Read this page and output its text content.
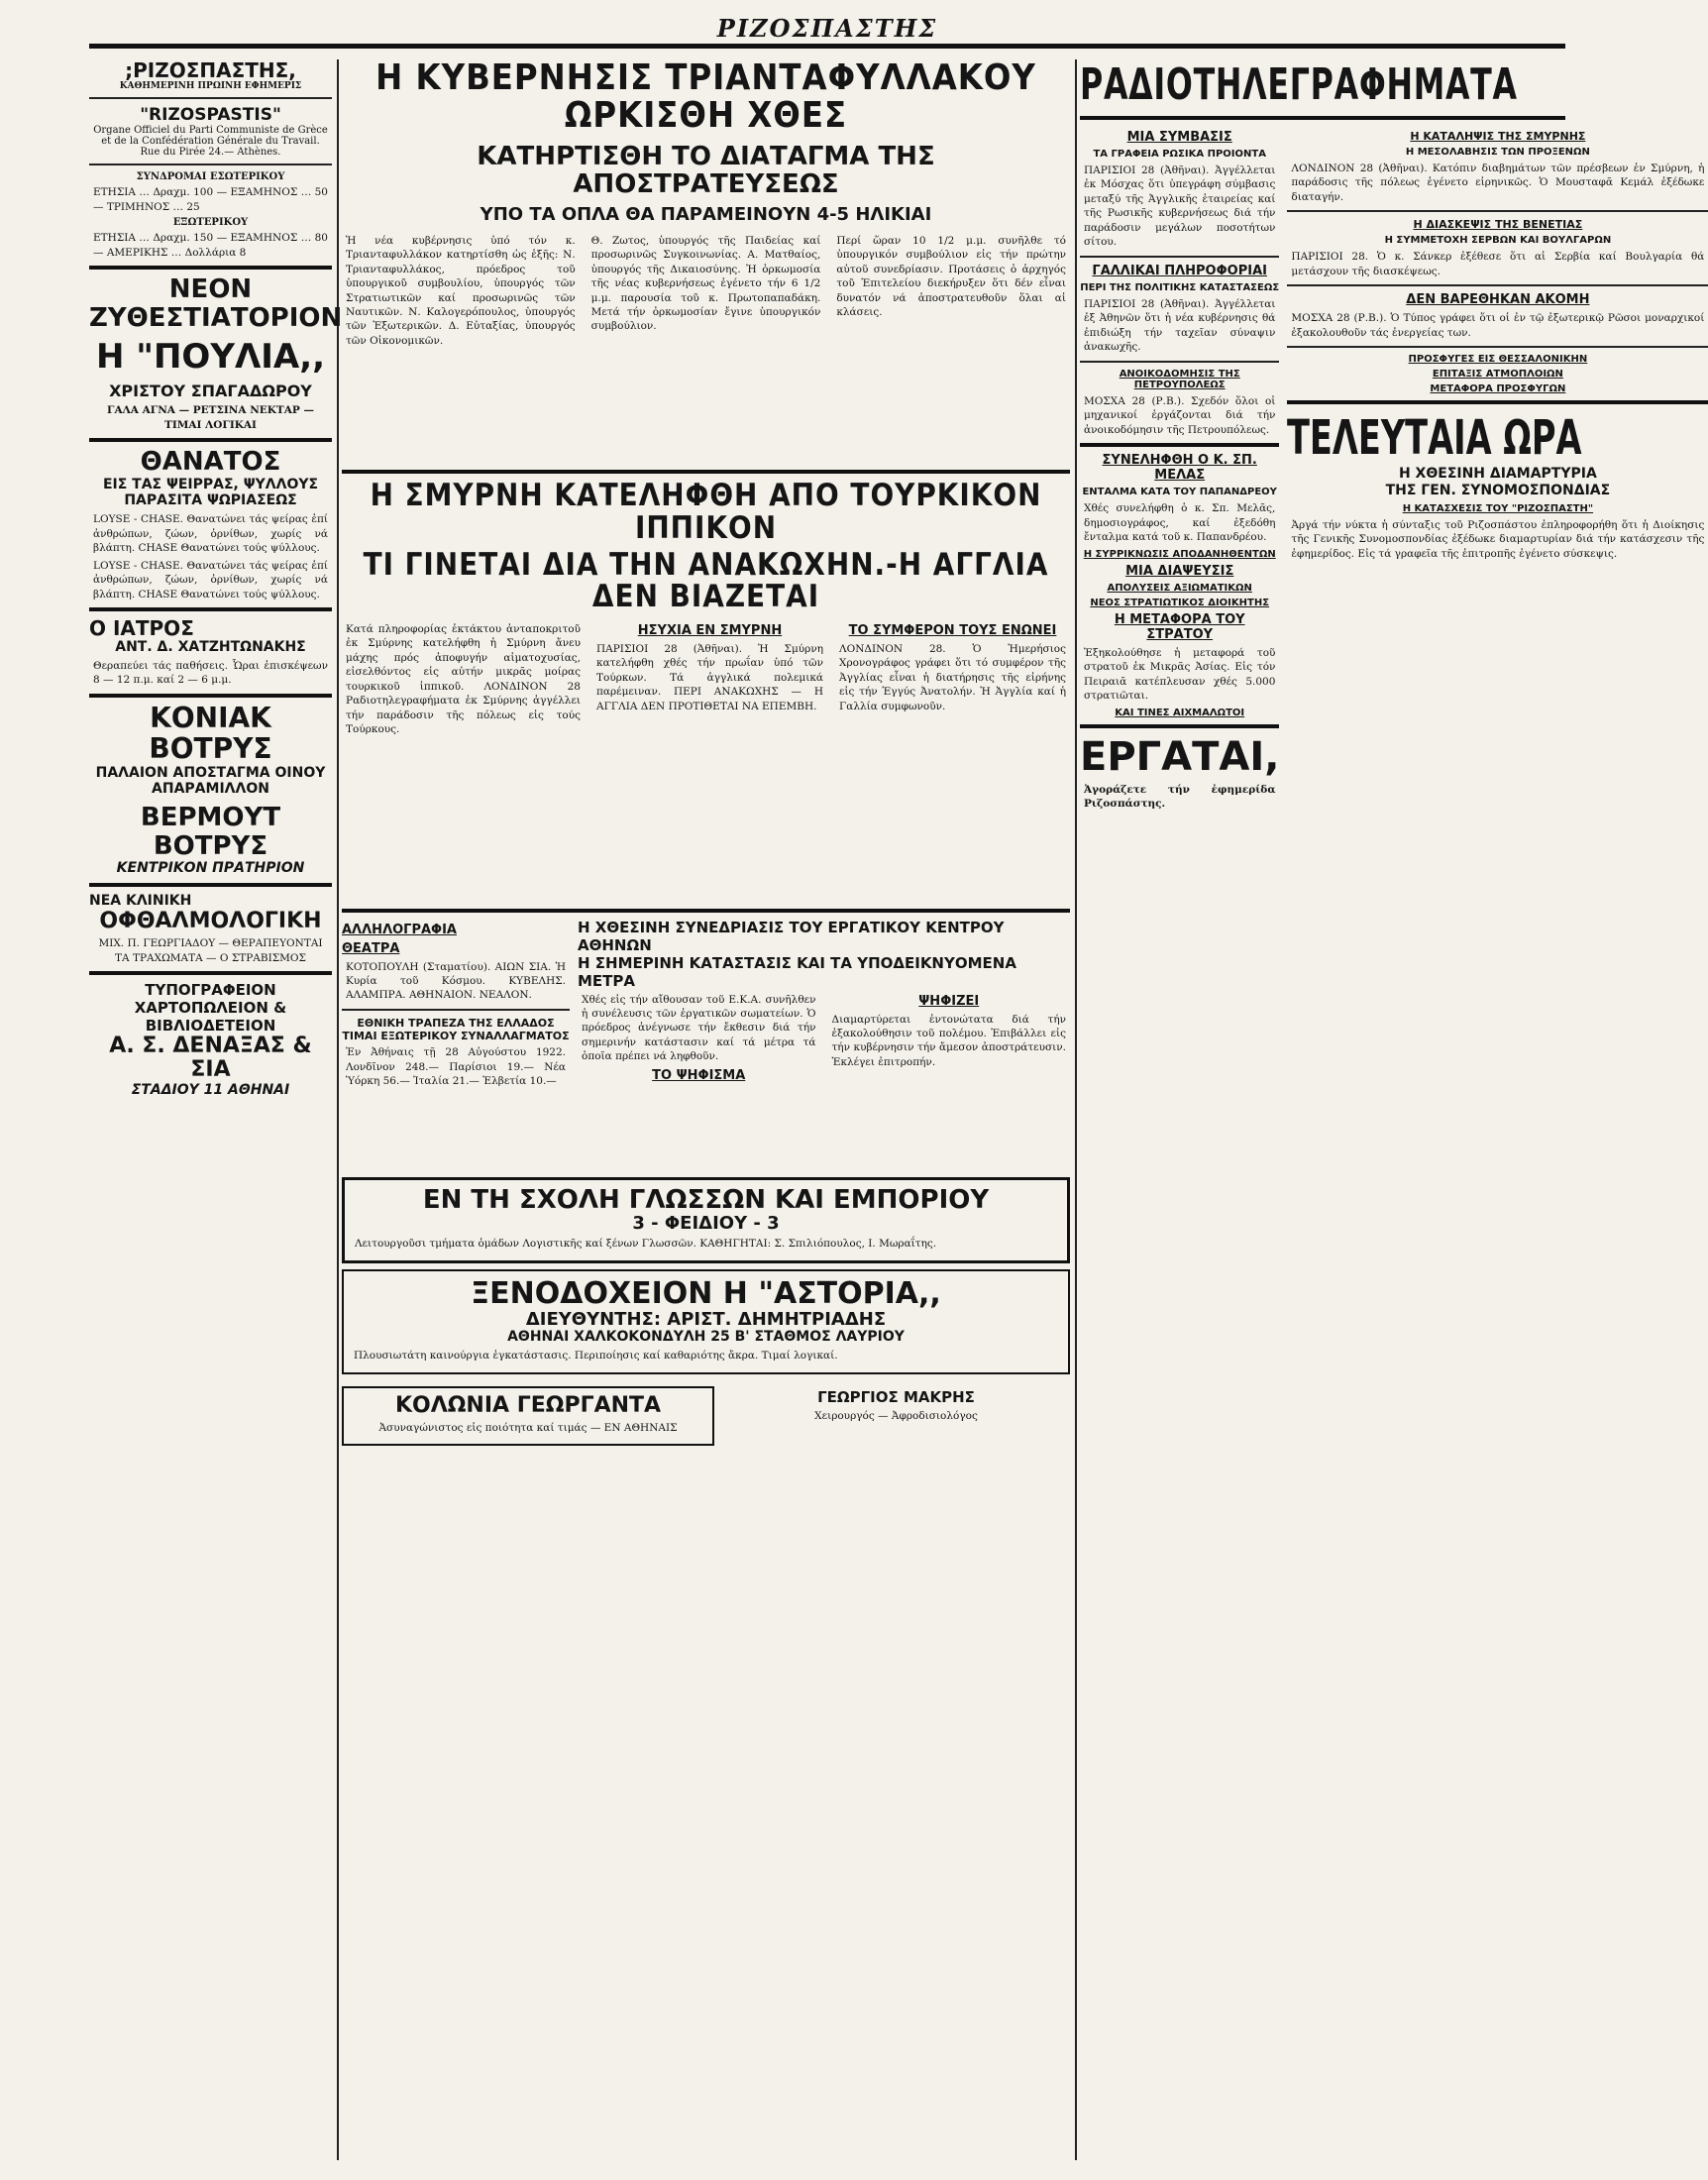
ΡΙΖΟΣΠΑΣΤΗΣ
;ΡΙΖΟΣΠΑΣΤΗΣ,
ΚΑΘΗΜΕΡΙΝΗ ΠΡΩΙΝΗ ΕΦΗΜΕΡΙΣ
"RIZOSPASTIS"
Organe Officiel du Parti Communiste de Grèce et de la Confédération Générale du Travail.
Rue du Pirée 24.— Athènes.
ΣΥΝΔΡΟΜΑΙ ΕΣΩΤΕΡΙΚΟΥ
ΕΤΗΣΙΑ … Δραχμ. 100 — ΕΞΑΜΗΝΟΣ … 50 — ΤΡΙΜΗΝΟΣ … 25
ΕΞΩΤΕΡΙΚΟΥ
ΕΤΗΣΙΑ … Δραχμ. 150 — ΕΞΑΜΗΝΟΣ … 80 — ΑΜΕΡΙΚΗΣ … Δολλάρια 8
ΝΕΟΝ ΖΥΘΕΣΤΙΑΤΟΡΙΟΝ
Η "ΠΟΥΛΙΑ,,
ΧΡΙΣΤΟΥ ΣΠΑΓΑΔΩΡΟΥ
ΓΑΛΑ ΑΓΝΑ — ΡΕΤΣΙΝΑ ΝΕΚΤΑΡ — ΤΙΜΑΙ ΛΟΓΙΚΑΙ
ΘΑΝΑΤΟΣ
ΕΙΣ ΤΑΣ ΨΕΙΡΡΑΣ, ΨΥΛΛΟΥΣ ΠΑΡΑΣΙΤΑ ΨΩΡΙΑΣΕΩΣ
LOYSE - CHASE. Θανατώνει τάς ψείρας ἐπί ἀνθρώπων, ζώων, ὀρνίθων, χωρίς νά βλάπτη. CHASE Θανατώνει τούς ψύλλους.
LOYSE - CHASE. Θανατώνει τάς ψείρας ἐπί ἀνθρώπων, ζώων, ὀρνίθων, χωρίς νά βλάπτη. CHASE Θανατώνει τούς ψύλλους.
Ο ΙΑΤΡΟΣ
ΑΝΤ. Δ. ΧΑΤΖΗΤΩΝΑΚΗΣ
Θεραπεύει τάς παθήσεις. Ὧραι ἐπισκέψεων 8 — 12 π.μ. καί 2 — 6 μ.μ.
ΚΟΝΙΑΚ ΒΟΤΡΥΣ
ΠΑΛΑΙΟΝ ΑΠΟΣΤΑΓΜΑ ΟΙΝΟΥ ΑΠΑΡΑΜΙΛΛΟΝ
ΒΕΡΜΟΥΤ ΒΟΤΡΥΣ
ΚΕΝΤΡΙΚΟΝ ΠΡΑΤΗΡΙΟΝ
ΝΕΑ ΚΛΙΝΙΚΗ
ΟΦΘΑΛΜΟΛΟΓΙΚΗ
ΜΙΧ. Π. ΓΕΩΡΓΙΑΔΟΥ — ΘΕΡΑΠΕΥΟΝΤΑΙ ΤΑ ΤΡΑΧΩΜΑΤΑ — Ο ΣΤΡΑΒΙΣΜΟΣ
ΤΥΠΟΓΡΑΦΕΙΟΝ ΧΑΡΤΟΠΩΛΕΙΟΝ & ΒΙΒΛΙΟΔΕΤΕΙΟΝ
Α. Σ. ΔΕΝΑΞΑΣ & ΣΙΑ
ΣΤΑΔΙΟΥ 11 ΑΘΗΝΑΙ
Η ΚΥΒΕΡΝΗΣΙΣ ΤΡΙΑΝΤΑΦΥΛΛΑΚΟΥ ΩΡΚΙΣΘΗ ΧΘΕΣ
ΚΑΤΗΡΤΙΣΘΗ ΤΟ ΔΙΑΤΑΓΜΑ ΤΗΣ ΑΠΟΣΤΡΑΤΕΥΣΕΩΣ
ΥΠΟ ΤΑ ΟΠΛΑ ΘΑ ΠΑΡΑΜΕΙΝΟΥΝ 4-5 ΗΛΙΚΙΑΙ
Ἡ νέα κυβέρνησις ὑπό τόν κ. Τριανταφυλλάκον κατηρτίσθη ὡς ἑξῆς: Ν. Τριανταφυλλάκος, πρόεδρος τοῦ ὑπουργικοῦ συμβουλίου, ὑπουργός τῶν Στρατιωτικῶν καί προσωρινῶς τῶν Ναυτικῶν. Ν. Καλογερόπουλος, ὑπουργός τῶν Ἐξωτερικῶν. Δ. Εὐταξίας, ὑπουργός τῶν Οἰκονομικῶν.
Θ. Ζωτος, ὑπουργός τῆς Παιδείας καί προσωρινῶς Συγκοινωνίας. Α. Ματθαίος, ὑπουργός τῆς Δικαιοσύνης. Ἡ ὁρκωμοσία τῆς νέας κυβερνήσεως ἐγένετο τήν 6 1/2 μ.μ. παρουσία τοῦ κ. Πρωτοπαπαδάκη. Μετά τήν ὁρκωμοσίαν ἔγινε ὑπουργικόν συμβούλιον.
Περί ὥραν 10 1/2 μ.μ. συνῆλθε τό ὑπουργικόν συμβούλιον εἰς τήν πρώτην αὐτοῦ συνεδρίασιν. Προτάσεις ὁ ἀρχηγός τοῦ Ἐπιτελείου διεκήρυξεν ὅτι δέν εἶναι δυνατόν νά ἀποστρατευθοῦν ὅλαι αἱ κλάσεις.
Η ΣΜΥΡΝΗ ΚΑΤΕΛΗΦΘΗ ΑΠΟ ΤΟΥΡΚΙΚΟΝ ΙΠΠΙΚΟΝ
ΤΙ ΓΙΝΕΤΑΙ ΔΙΑ ΤΗΝ ΑΝΑΚΩΧΗΝ.-Η ΑΓΓΛΙΑ ΔΕΝ ΒΙΑΖΕΤΑΙ
Κατά πληροφορίας ἐκτάκτου ἀνταποκριτοῦ ἐκ Σμύρνης κατελήφθη ἡ Σμύρνη ἄνευ μάχης πρός ἀποφυγήν αἱματοχυσίας, εἰσελθόντος εἰς αὐτήν μικρᾶς μοίρας τουρκικοῦ ἱππικοῦ. ΛΟΝΔΙΝΟΝ 28 Ραδιοτηλεγραφήματα ἐκ Σμύρνης ἀγγέλλει τήν παράδοσιν τῆς πόλεως εἰς τούς Τούρκους.
ΗΣΥΧΙΑ ΕΝ ΣΜΥΡΝΗ
ΠΑΡΙΣΙΟΙ 28 (Ἀθῆναι). Ἡ Σμύρνη κατελήφθη χθές τήν πρωΐαν ὑπό τῶν Τούρκων. Τά ἀγγλικά πολεμικά παρέμειναν. ΠΕΡΙ ΑΝΑΚΩΧΗΣ — Η ΑΓΓΛΙΑ ΔΕΝ ΠΡΟΤΙΘΕΤΑΙ ΝΑ ΕΠΕΜΒΗ.
ΤΟ ΣΥΜΦΕΡΟΝ ΤΟΥΣ ΕΝΩΝΕΙ
ΛΟΝΔΙΝΟΝ 28. Ὁ Ἡμερήσιος Χρονογράφος γράφει ὅτι τό συμφέρον τῆς Ἀγγλίας εἶναι ἡ διατήρησις τῆς εἰρήνης εἰς τήν Ἐγγύς Ἀνατολήν. Ἡ Ἀγγλία καί ἡ Γαλλία συμφωνοῦν.
ΑΛΛΗΛΟΓΡΑΦΙΑ
ΘΕΑΤΡΑ
ΚΟΤΟΠΟΥΛΗ (Σταματίου). ΑΙΩΝ ΣΙΑ. Ἡ Κυρία τοῦ Κόσμου. ΚΥΒΕΛΗΣ. ΑΛΑΜΠΡΑ. ΑΘΗΝΑΙΟΝ. ΝΕΑΛΟΝ.
ΕΘΝΙΚΗ ΤΡΑΠΕΖΑ ΤΗΣ ΕΛΛΑΔΟΣ
ΤΙΜΑΙ ΕΞΩΤΕΡΙΚΟΥ ΣΥΝΑΛΛΑΓΜΑΤΟΣ
Ἐν Ἀθήναις τῇ 28 Αὐγούστου 1922. Λονδῖνον 248.— Παρίσιοι 19.— Νέα Ὑόρκη 56.— Ἰταλία 21.— Ἑλβετία 10.—
Η ΧΘΕΣΙΝΗ ΣΥΝΕΔΡΙΑΣΙΣ ΤΟΥ ΕΡΓΑΤΙΚΟΥ ΚΕΝΤΡΟΥ ΑΘΗΝΩΝ
Η ΣΗΜΕΡΙΝΗ ΚΑΤΑΣΤΑΣΙΣ ΚΑΙ ΤΑ ΥΠΟΔΕΙΚΝΥΟΜΕΝΑ ΜΕΤΡΑ
Χθές εἰς τήν αἴθουσαν τοῦ Ε.Κ.Α. συνῆλθεν ἡ συνέλευσις τῶν ἐργατικῶν σωματείων. Ὁ πρόεδρος ἀνέγνωσε τήν ἔκθεσιν διά τήν σημερινήν κατάστασιν καί τά μέτρα τά ὁποῖα πρέπει νά ληφθοῦν.
ΤΟ ΨΗΦΙΣΜΑ
ΨΗΦΙΖΕΙ
Διαμαρτύρεται ἐντονώτατα διά τήν ἐξακολούθησιν τοῦ πολέμου. Ἐπιβάλλει εἰς τήν κυβέρνησιν τήν ἄμεσον ἀποστράτευσιν. Ἐκλέγει ἐπιτροπήν.
ΕΝ ΤΗ ΣΧΟΛΗ ΓΛΩΣΣΩΝ ΚΑΙ ΕΜΠΟΡΙΟΥ
3 - ΦΕΙΔΙΟΥ - 3
Λειτουργοῦσι τμήματα ὁμάδων Λογιστικῆς καί ξένων Γλωσσῶν. ΚΑΘΗΓΗΤΑΙ: Σ. Σπιλιόπουλος, Ι. Μωραΐτης.
ΞΕΝΟΔΟΧΕΙΟΝ Η "ΑΣΤΟΡΙΑ,,
ΔΙΕΥΘΥΝΤΗΣ: ΑΡΙΣΤ. ΔΗΜΗΤΡΙΑΔΗΣ
ΑΘΗΝΑΙ ΧΑΛΚΟΚΟΝΔΥΛΗ 25 Β' ΣΤΑΘΜΟΣ ΛΑΥΡΙΟΥ
Πλουσιωτάτη καινούργια ἐγκατάστασις. Περιποίησις καί καθαριότης ἄκρα. Τιμαί λογικαί.
ΚΟΛΩΝΙΑ ΓΕΩΡΓΑΝΤΑ
Ἀσυναγώνιστος εἰς ποιότητα καί τιμάς — ΕΝ ΑΘΗΝΑΙΣ
ΓΕΩΡΓΙΟΣ ΜΑΚΡΗΣ
Χειρουργός — Ἀφροδισιολόγος
ΡΑΔΙΟΤΗΛΕΓΡΑΦΗΜΑΤΑ
ΜΙΑ ΣΥΜΒΑΣΙΣ
ΤΑ ΓΡΑΦΕΙΑ ΡΩΣΙΚΑ ΠΡΟΙΟΝΤΑ
ΠΑΡΙΣΙΟΙ 28 (Ἀθῆναι). Ἀγγέλλεται ἐκ Μόσχας ὅτι ὑπεγράφη σύμβασις μεταξύ τῆς Ἀγγλικῆς ἑταιρείας καί τῆς Ρωσικῆς κυβερνήσεως διά τήν παράδοσιν μεγάλων ποσοτήτων σίτου.
ΓΑΛΛΙΚΑΙ ΠΛΗΡΟΦΟΡΙΑΙ
ΠΕΡΙ ΤΗΣ ΠΟΛΙΤΙΚΗΣ ΚΑΤΑΣΤΑΣΕΩΣ
ΠΑΡΙΣΙΟΙ 28 (Ἀθῆναι). Ἀγγέλλεται ἐξ Ἀθηνῶν ὅτι ἡ νέα κυβέρνησις θά ἐπιδιώξη τήν ταχεῖαν σύναψιν ἀνακωχῆς.
ΑΝΟΙΚΟΔΟΜΗΣΙΣ ΤΗΣ ΠΕΤΡΟΥΠΟΛΕΩΣ
ΜΟΣΧΑ 28 (Ρ.Β.). Σχεδόν ὅλοι οἱ μηχανικοί ἐργάζονται διά τήν ἀνοικοδόμησιν τῆς Πετρουπόλεως.
ΣΥΝΕΛΗΦΘΗ Ο Κ. ΣΠ. ΜΕΛΑΣ
ΕΝΤΑΛΜΑ ΚΑΤΑ ΤΟΥ ΠΑΠΑΝΔΡΕΟΥ
Χθές συνελήφθη ὁ κ. Σπ. Μελᾶς, δημοσιογράφος, καί ἐξεδόθη ἔνταλμα κατά τοῦ κ. Παπανδρέου.
Η ΣΥΡΡΙΚΝΩΣΙΣ ΑΠΟΔΑΝΗΘΕΝΤΩΝ
ΜΙΑ ΔΙΑΨΕΥΣΙΣ
ΑΠΟΛΥΣΕΙΣ ΑΞΙΩΜΑΤΙΚΩΝ
ΝΕΟΣ ΣΤΡΑΤΙΩΤΙΚΟΣ ΔΙΟΙΚΗΤΗΣ
Η ΜΕΤΑΦΟΡΑ ΤΟΥ ΣΤΡΑΤΟΥ
Ἐξηκολούθησε ἡ μεταφορά τοῦ στρατοῦ ἐκ Μικρᾶς Ἀσίας. Εἰς τόν Πειραιᾶ κατέπλευσαν χθές 5.000 στρατιῶται.
ΚΑΙ ΤΙΝΕΣ ΑΙΧΜΑΛΩΤΟΙ
ΕΡΓΑΤΑΙ,
Ἀγοράζετε τήν ἐφημερίδα Ριζοσπάστης.
Η ΚΑΤΑΛΗΨΙΣ ΤΗΣ ΣΜΥΡΝΗΣ
Η ΜΕΣΟΛΑΒΗΣΙΣ ΤΩΝ ΠΡΟΞΕΝΩΝ
ΛΟΝΔΙΝΟΝ 28 (Ἀθῆναι). Κατόπιν διαβημάτων τῶν πρέσβεων ἐν Σμύρνη, ἡ παράδοσις τῆς πόλεως ἐγένετο εἰρηνικῶς. Ὁ Μουσταφᾶ Κεμάλ ἐξέδωκε διαταγήν.
Η ΔΙΑΣΚΕΨΙΣ ΤΗΣ ΒΕΝΕΤΙΑΣ
Η ΣΥΜΜΕΤΟΧΗ ΣΕΡΒΩΝ ΚΑΙ ΒΟΥΛΓΑΡΩΝ
ΠΑΡΙΣΙΟΙ 28. Ὁ κ. Σάνκερ ἐξέθεσε ὅτι αἱ Σερβία καί Βουλγαρία θά μετάσχουν τῆς διασκέψεως.
ΔΕΝ ΒΑΡΕΘΗΚΑΝ ΑΚΟΜΗ
ΜΟΣΧΑ 28 (Ρ.Β.). Ὁ Τύπος γράφει ὅτι οἱ ἐν τῷ ἐξωτερικῷ Ρῶσοι μοναρχικοί ἐξακολουθοῦν τάς ἐνεργείας των.
ΠΡΟΣΦΥΓΕΣ ΕΙΣ ΘΕΣΣΑΛΟΝΙΚΗΝ
ΕΠΙΤΑΞΙΣ ΑΤΜΟΠΛΟΙΩΝ
ΜΕΤΑΦΟΡΑ ΠΡΟΣΦΥΓΩΝ
ΤΕΛΕΥΤΑΙΑ ΩΡΑ
Η ΧΘΕΣΙΝΗ ΔΙΑΜΑΡΤΥΡΙΑ
ΤΗΣ ΓΕΝ. ΣΥΝΟΜΟΣΠΟΝΔΙΑΣ
Η ΚΑΤΑΣΧΕΣΙΣ ΤΟΥ "ΡΙΖΟΣΠΑΣΤΗ"
Ἀργά τήν νύκτα ἡ σύνταξις τοῦ Ριζοσπάστου ἐπληροφορήθη ὅτι ἡ Διοίκησις τῆς Γενικῆς Συνομοσπονδίας ἐξέδωκε διαμαρτυρίαν διά τήν κατάσχεσιν τῆς ἐφημερίδος. Εἰς τά γραφεῖα τῆς ἐπιτροπῆς ἐγένετο σύσκεψις.
